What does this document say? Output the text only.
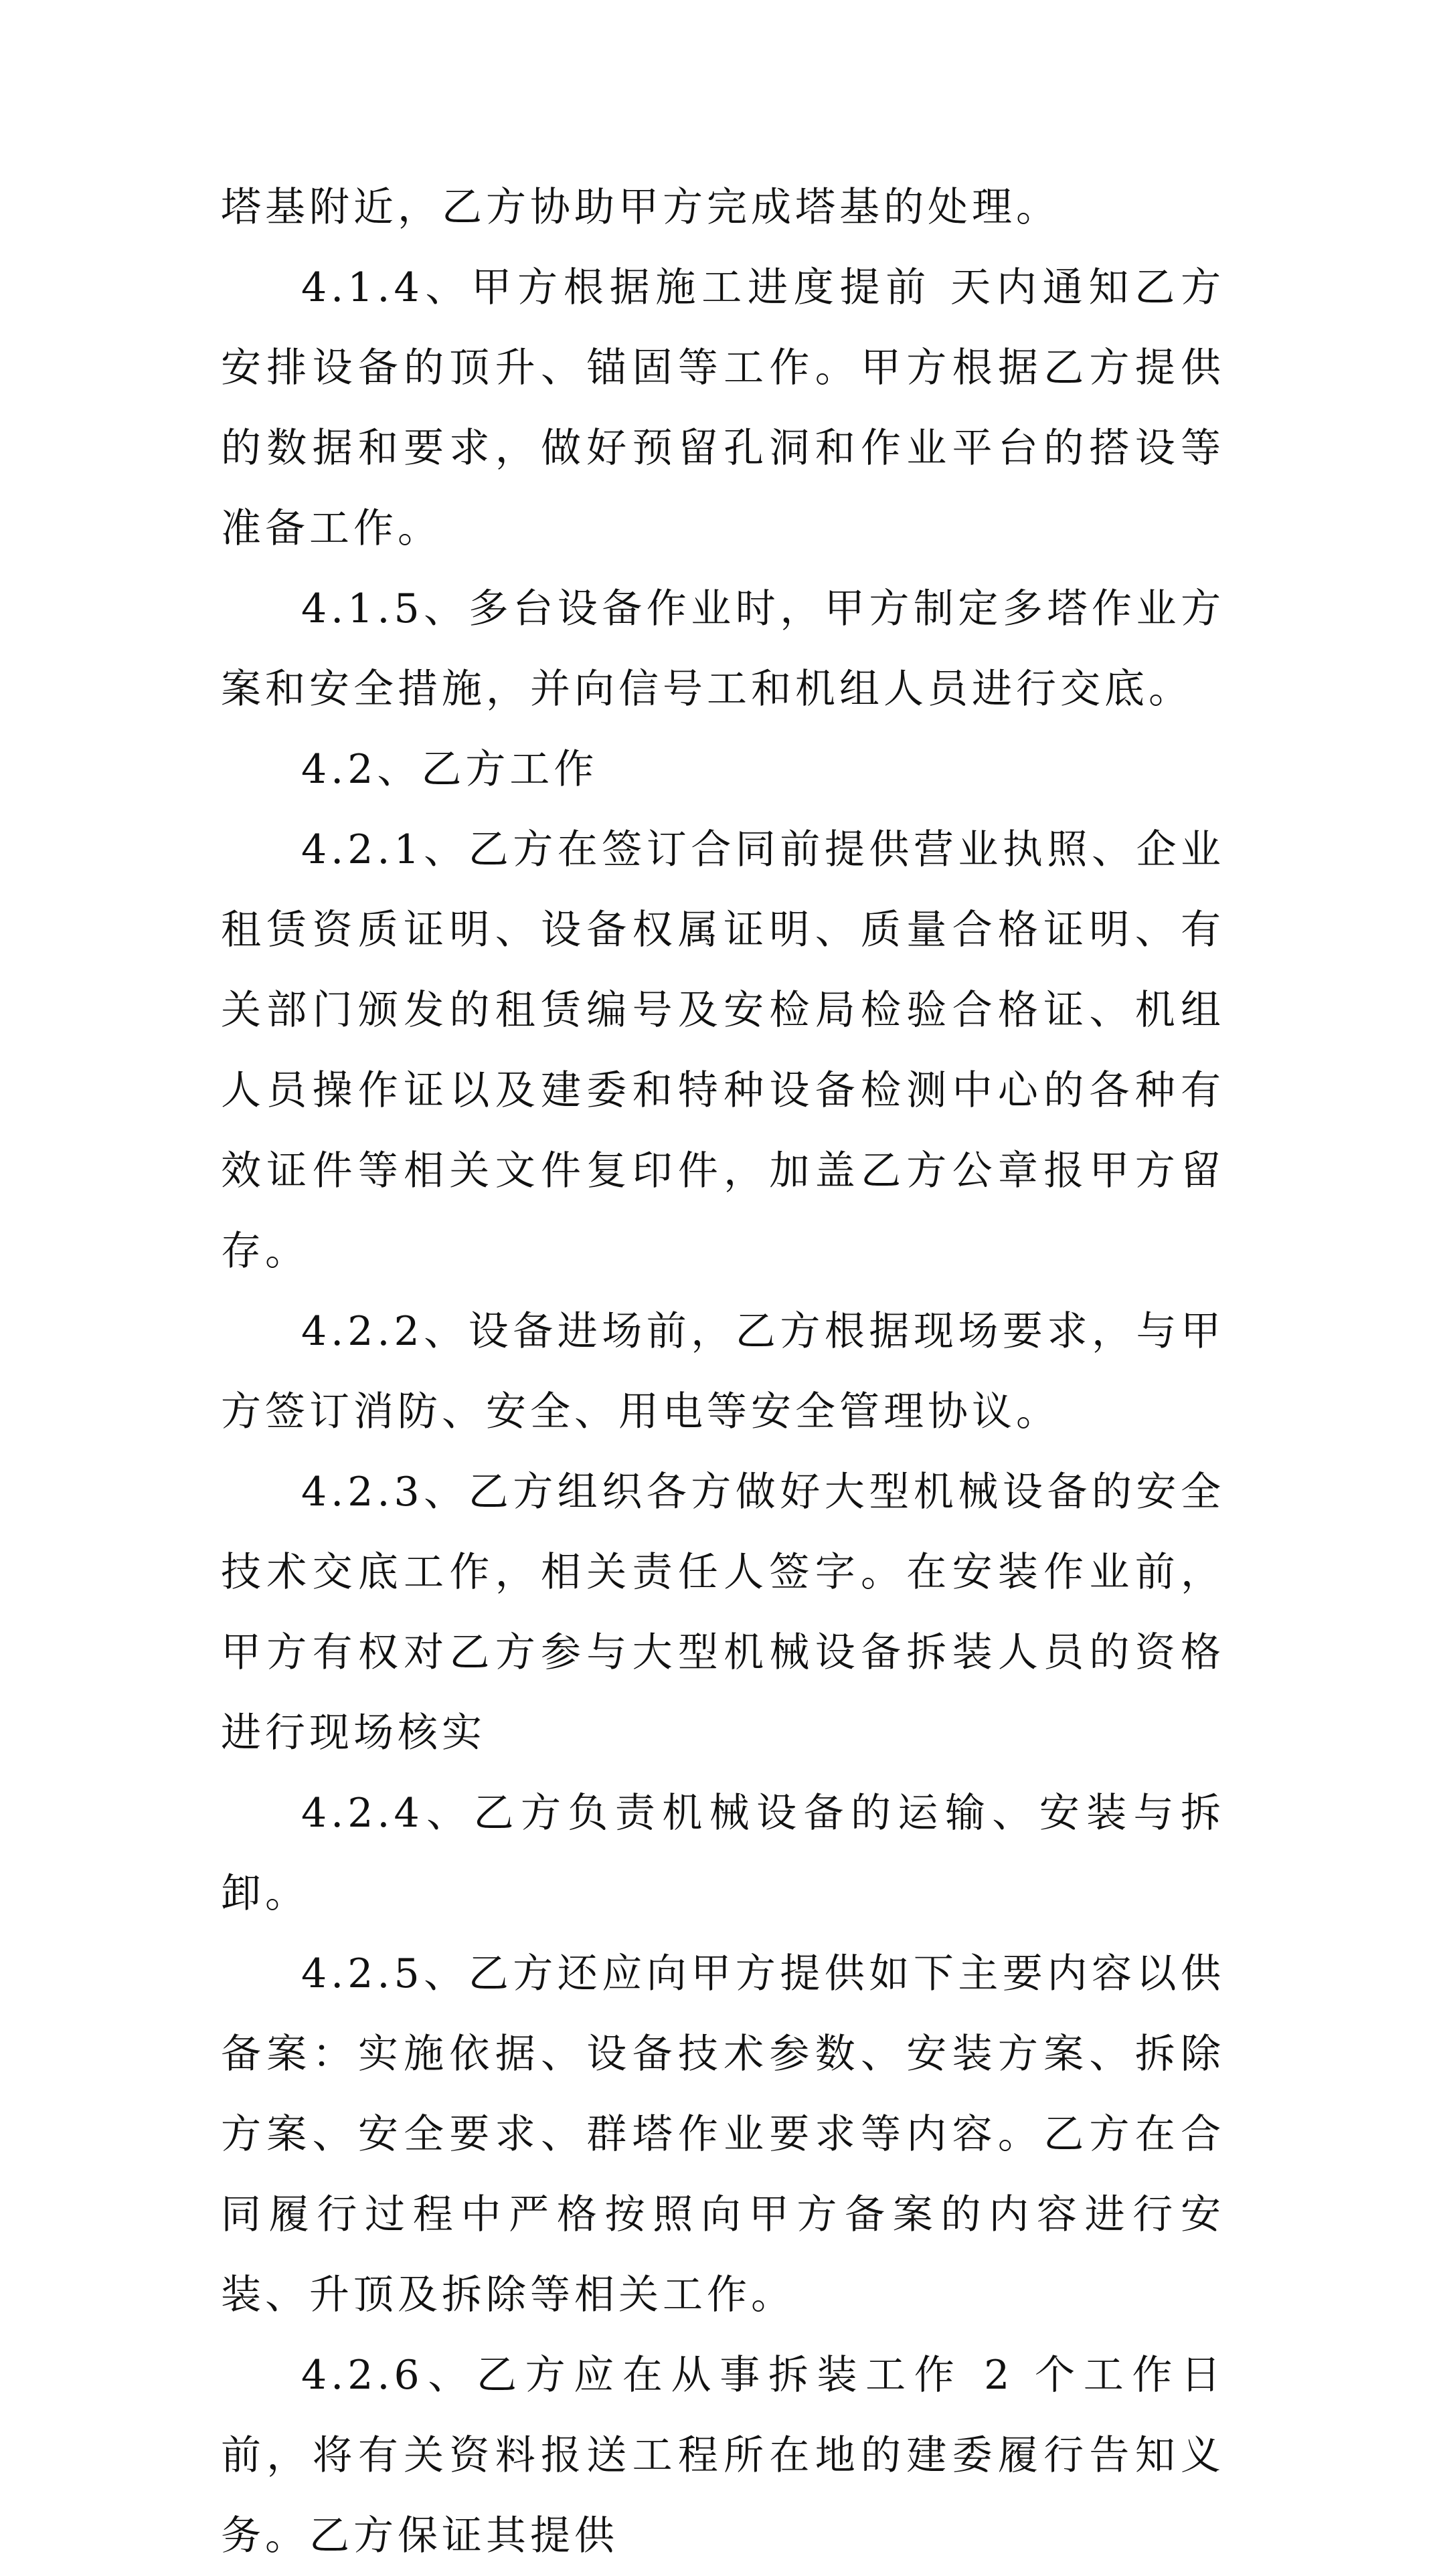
塔基附近，乙方协助甲方完成塔基的处理。

4.1.4、甲方根据施工进度提前 天内通知乙方安排设备的顶升、锚固等工作。甲方根据乙方提供的数据和要求，做好预留孔洞和作业平台的搭设等准备工作。

4.1.5、多台设备作业时，甲方制定多塔作业方案和安全措施，并向信号工和机组人员进行交底。

4.2、乙方工作

4.2.1、乙方在签订合同前提供营业执照、企业租赁资质证明、设备权属证明、质量合格证明、有关部门颁发的租赁编号及安检局检验合格证、机组人员操作证以及建委和特种设备检测中心的各种有效证件等相关文件复印件，加盖乙方公章报甲方留存。

4.2.2、设备进场前，乙方根据现场要求，与甲方签订消防、安全、用电等安全管理协议。

4.2.3、乙方组织各方做好大型机械设备的安全技术交底工作，相关责任人签字。在安装作业前，甲方有权对乙方参与大型机械设备拆装人员的资格进行现场核实

4.2.4、乙方负责机械设备的运输、安装与拆卸。

4.2.5、乙方还应向甲方提供如下主要内容以供备案：实施依据、设备技术参数、安装方案、拆除方案、安全要求、群塔作业要求等内容。乙方在合同履行过程中严格按照向甲方备案的内容进行安装、升顶及拆除等相关工作。

4.2.6、乙方应在从事拆装工作 2 个工作日前，将有关资料报送工程所在地的建委履行告知义务。乙方保证其提供
